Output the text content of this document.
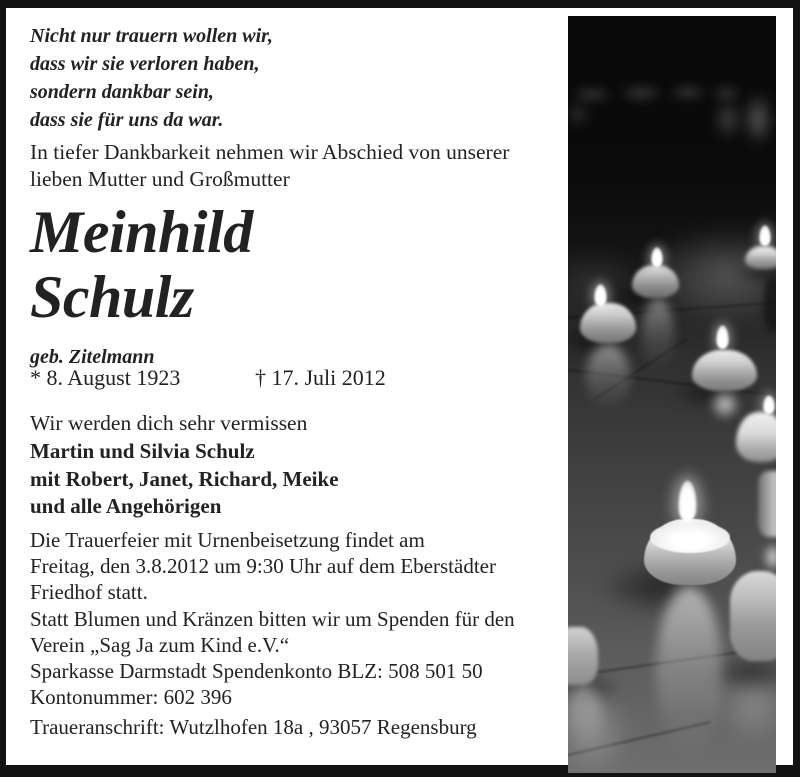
Nicht nur trauern wollen wir,
dass wir sie verloren haben,
sondern dankbar sein,
dass sie für uns da war.
In tiefer Dankbarkeit nehmen wir Abschied von unserer
lieben Mutter und Großmutter
Meinhild
Schulz
geb. Zitelmann
* 8. August 1923	† 17. Juli 2012
Wir werden dich sehr vermissen
Martin und Silvia Schulz
mit Robert, Janet, Richard, Meike
und alle Angehörigen
Die Trauerfeier mit Urnenbeisetzung findet am
Freitag, den 3.8.2012 um 9:30 Uhr auf dem Eberstädter
Friedhof statt.
Statt Blumen und Kränzen bitten wir um Spenden für den
Verein „Sag Ja zum Kind e.V.“
Sparkasse Darmstadt Spendenkonto BLZ: 508 501 50
Kontonummer: 602 396
Traueranschrift: Wutzlhofen 18a , 93057 Regensburg
